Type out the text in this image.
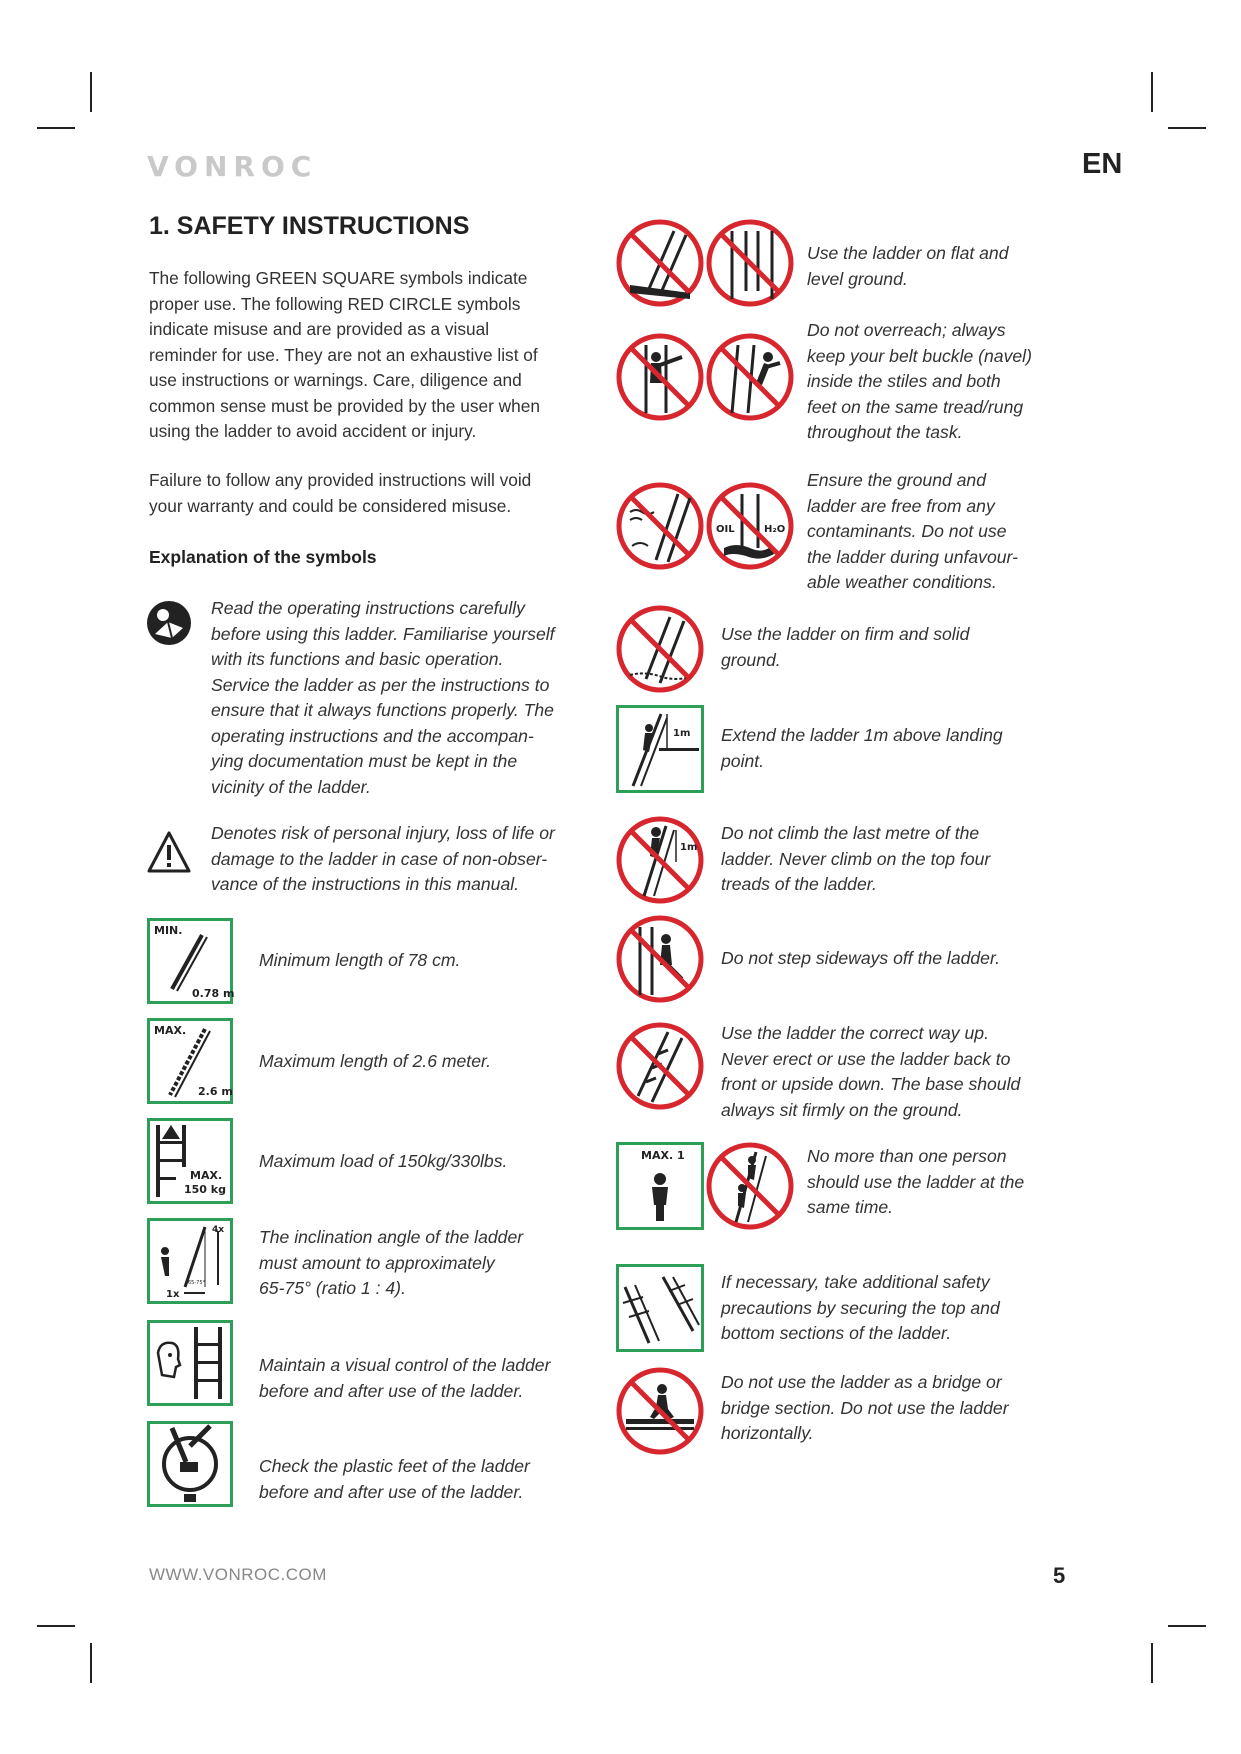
VONROC	EN
1. SAFETY INSTRUCTIONS
The following GREEN SQUARE symbols indicate
proper use. The following RED CIRCLE symbols
indicate misuse and are provided as a visual
reminder for use. They are not an exhaustive list of
use instructions or warnings. Care, diligence and
common sense must be provided by the user when
using the ladder to avoid accident or injury.
Failure to follow any provided instructions will void
your warranty and could be considered misuse.
Explanation of the symbols
Read the operating instructions carefully
before using this ladder. Familiarise yourself
with its functions and basic operation.
Service the ladder as per the instructions to
ensure that it always functions properly. The
operating instructions and the accompan-
ying documentation must be kept in the
vicinity of the ladder.
Denotes risk of personal injury, loss of life or
damage to the ladder in case of non-obser-
vance of the instructions in this manual.
MIN.
0.78 m
Minimum length of 78 cm.
MAX.
2.6 m
Maximum length of 2.6 meter.
MAX.
150 kg
Maximum load of 150kg/330lbs.
4x
65-75°
1x
The inclination angle of the ladder
must amount to approximately
65-75° (ratio 1 : 4).
Maintain a visual control of the ladder
before and after use of the ladder.
Check the plastic feet of the ladder
before and after use of the ladder.
Use the ladder on flat and
level ground.
Do not overreach; always
keep your belt buckle (navel)
inside the stiles and both
feet on the same tread/rung
throughout the task.
OIL	H₂O
Ensure the ground and
ladder are free from any
contaminants. Do not use
the ladder during unfavour-
able weather conditions.
Use the ladder on firm and solid
ground.
1m Extend the ladder 1m above landing
point.
1m
Do not climb the last metre of the
ladder. Never climb on the top four
treads of the ladder.
Do not step sideways off the ladder.
Use the ladder the correct way up.
Never erect or use the ladder back to
front or upside down. The base should
always sit firmly on the ground.
MAX. 1	No more than one person
should use the ladder at the
same time.
If necessary, take additional safety
precautions by securing the top and
bottom sections of the ladder.
Do not use the ladder as a bridge or
bridge section. Do not use the ladder
horizontally.
WWW.VONROC.COM	5
